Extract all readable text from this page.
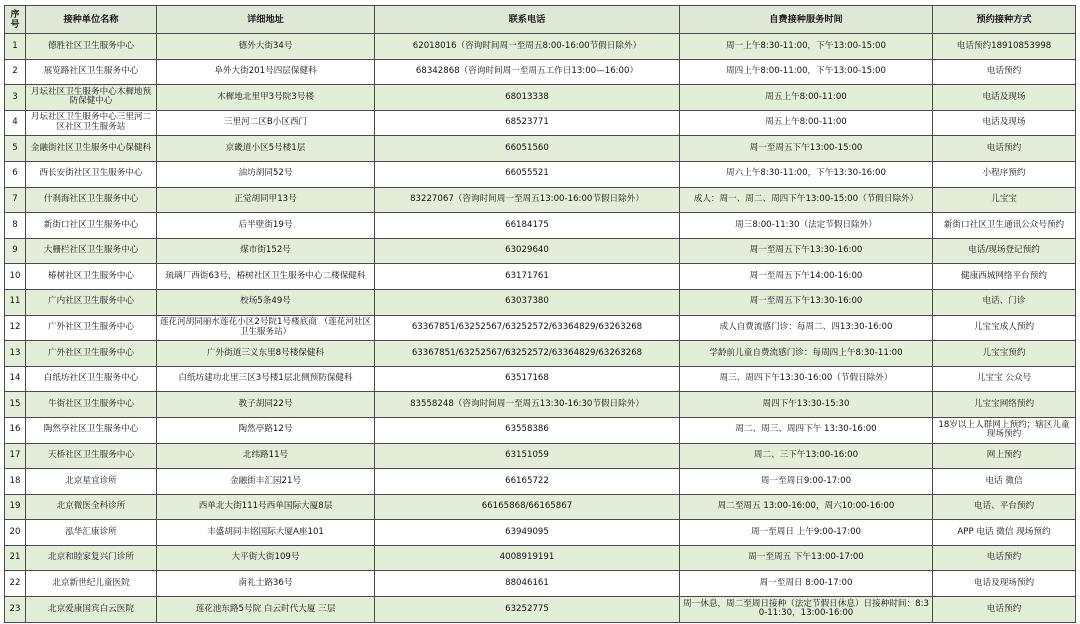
序号	接种单位名称	详细地址	联系电话	自费接种服务时间	预约接种方式
1	德胜社区卫生服务中心	德外大街34号	62018016（咨询时间周一至周五8:00-16:00节假日除外）	周一上午8:30-11:00，下午13:00-15:00	电话预约18910853998
2	展览路社区卫生服务中心	阜外大街201号四层保健科	68342868（咨询时间周一至周五工作日13:00—16:00）	周四上午8:00-11:00，下午13:00-15:00	电话预约
3	月坛社区卫生服务中心木樨地预防保健中心	木樨地北里甲3号院3号楼	68013338	周五上午8:00-11:00	电话及现场
4	月坛社区卫生服务中心三里河二区社区卫生服务站	三里河二区B小区西门	68523771	周五上午8:00-11:00	电话及现场
5	金融街社区卫生服务中心保健科	京畿道小区5号楼1层	66051560	周一至周五下午13:00-15:00	电话预约
6	西长安街社区卫生服务中心	油坊胡同52号	66055521	周六上午8:30-11:00，下午13:30-16:00	小程序预约
7	什刹海社区卫生服务中心	正觉胡同甲13号	83227067（咨询时间周一至周五13:00-16:00节假日除外）	成人：周一、周二、周四下午13:00-15:00（节假日除外）	儿宝宝
8	新街口社区卫生服务中心	后半壁街19号	66184175	周三8:00-11:30（法定节假日除外）	新街口社区卫生通讯公众号预约
9	大栅栏社区卫生服务中心	煤市街152号	63029640	周一至周五下午13:30-16:00	电话/现场登记预约
10	椿树社区卫生服务中心	琉璃厂西街63号，椿树社区卫生服务中心二楼保健科	63171761	周一至周五下午14:00-16:00	健康西城网络平台预约
11	广内社区卫生服务中心	校场5条49号	63037380	周一至周五下午13:30-16:00	电话、门诊
12	广外社区卫生服务中心	莲花河胡同丽水莲花小区2号院1号楼底商 （莲花河社区卫生服务站）	63367851/63252567/63252572/63364829/63263268	成人自费流感门诊：每周二、四13:30-16:00	儿宝宝成人预约
13	广外社区卫生服务中心	广外街道三义东里8号楼保健科	63367851/63252567/63252572/63364829/63263268	学龄前儿童自费流感门诊：每周四上午8:30-11:00	儿宝宝预约
14	白纸坊社区卫生服务中心	白纸坊建功北里三区3号楼1层北侧预防保健科	63517168	周三、周四下午13:30-16:00（节假日除外）	儿宝宝 公众号
15	牛街社区卫生服务中心	教子胡同22号	83558248（咨询时间周一至周五13:30-16:30节假日除外）	周四下午13:30-15:30	儿宝宝网络预约
16	陶然亭社区卫生服务中心	陶然亭路12号	63558386	周二、周三、周四下午 13:30-16:00	18岁以上人群网上预约；辖区儿童现场预约
17	天桥社区卫生服务中心	北纬路11号	63151059	周二、三下午13:00-16:00	网上预约
18	北京星宜诊所	金融街丰汇园21号	66165722	周一至周日9:00-17:00	电话 微信
19	北京微医全科诊所	西单北大街111号西单国际大厦8层	66165868/66165867	周二至周五 13:00-16:00，周六10:00-16:00	电话、平台预约
20	泓华汇康诊所	丰盛胡同丰铭国际大厦A座101	63949095	周一至周日 上午9:00-17:00	APP 电话 微信 现场预约
21	北京和睦家复兴门诊所	大平街大街109号	4008919191	周一至周五 下午13:00-17:00	电话预约
22	北京新世纪儿童医院	南礼士路36号	88046161	周一至周日 8:00-17:00	电话及现场预约
23	北京爱康国宾白云医院	莲花池东路5号院 白云时代大厦 三层	63252775	周一休息，周二至周日接种（法定节假日休息）日接种时间：8:30-11:30，13:00-16:00	电话预约
